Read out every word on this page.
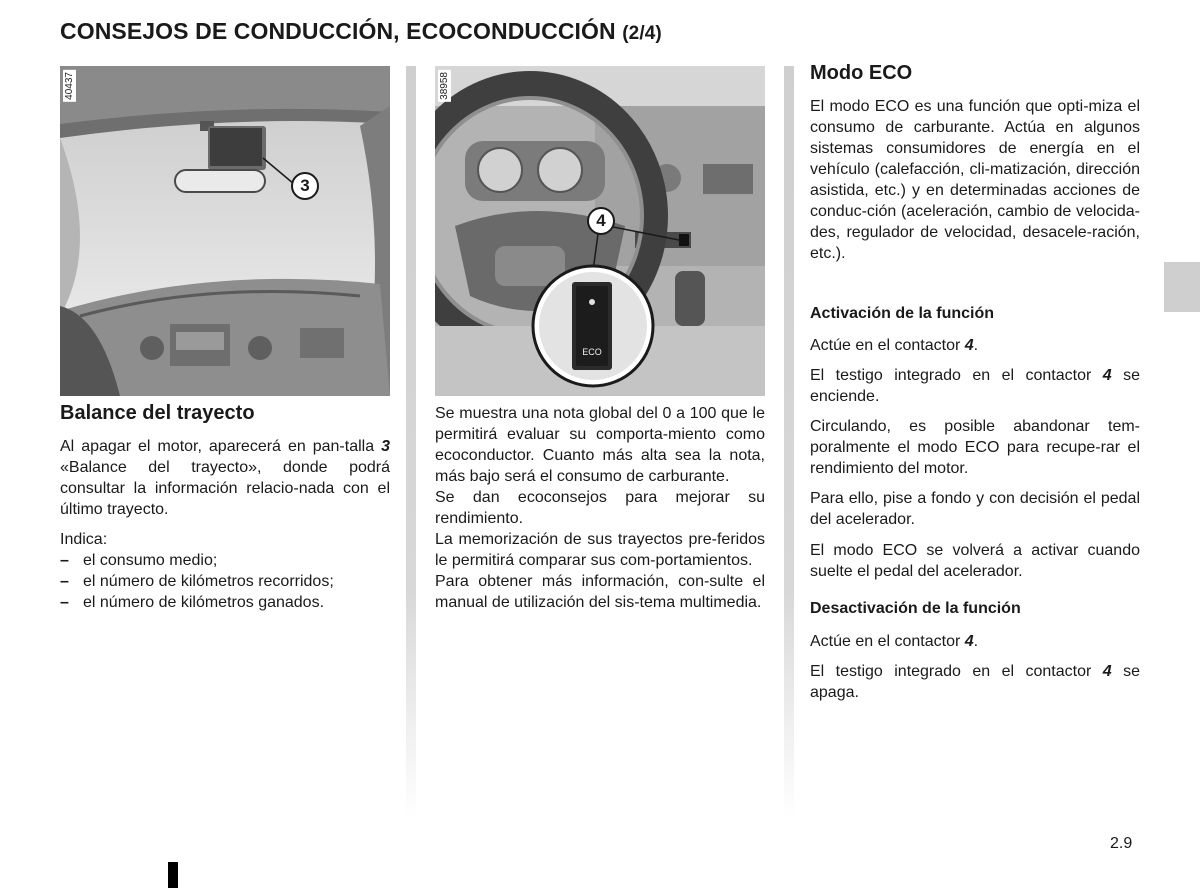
CONSEJOS DE CONDUCCIÓN, ECOCONDUCCIÓN (2/4)
40437
3
38958
ECO
4
Balance del trayecto

Al apagar el motor, aparecerá en pan-talla 3 «Balance del trayecto», donde podrá consultar la información relacio-nada con el último trayecto.

Indica:

– el consumo medio;
– el número de kilómetros recorridos;
– el número de kilómetros ganados.

Se muestra una nota global del 0 a 100 que le permitirá evaluar su comporta-miento como ecoconductor. Cuanto más alta sea la nota, más bajo será el consumo de carburante.

Se dan ecoconsejos para mejorar su rendimiento.

La memorización de sus trayectos pre-feridos le permitirá comparar sus com-portamientos.

Para obtener más información, con-sulte el manual de utilización del sis-tema multimedia.

Modo ECO

El modo ECO es una función que opti-miza el consumo de carburante. Actúa en algunos sistemas consumidores de energía en el vehículo (calefacción, cli-matización, dirección asistida, etc.) y en determinadas acciones de conduc-ción (aceleración, cambio de velocida-des, regulador de velocidad, desacele-ración, etc.).

Activación de la función

Actúe en el contactor 4.

El testigo integrado en el contactor 4 se enciende.

Circulando, es posible abandonar tem-poralmente el modo ECO para recupe-rar el rendimiento del motor.

Para ello, pise a fondo y con decisión el pedal del acelerador.

El modo ECO se volverá a activar cuando suelte el pedal del acelerador.

Desactivación de la función

Actúe en el contactor 4.

El testigo integrado en el contactor 4 se apaga.

2.9
